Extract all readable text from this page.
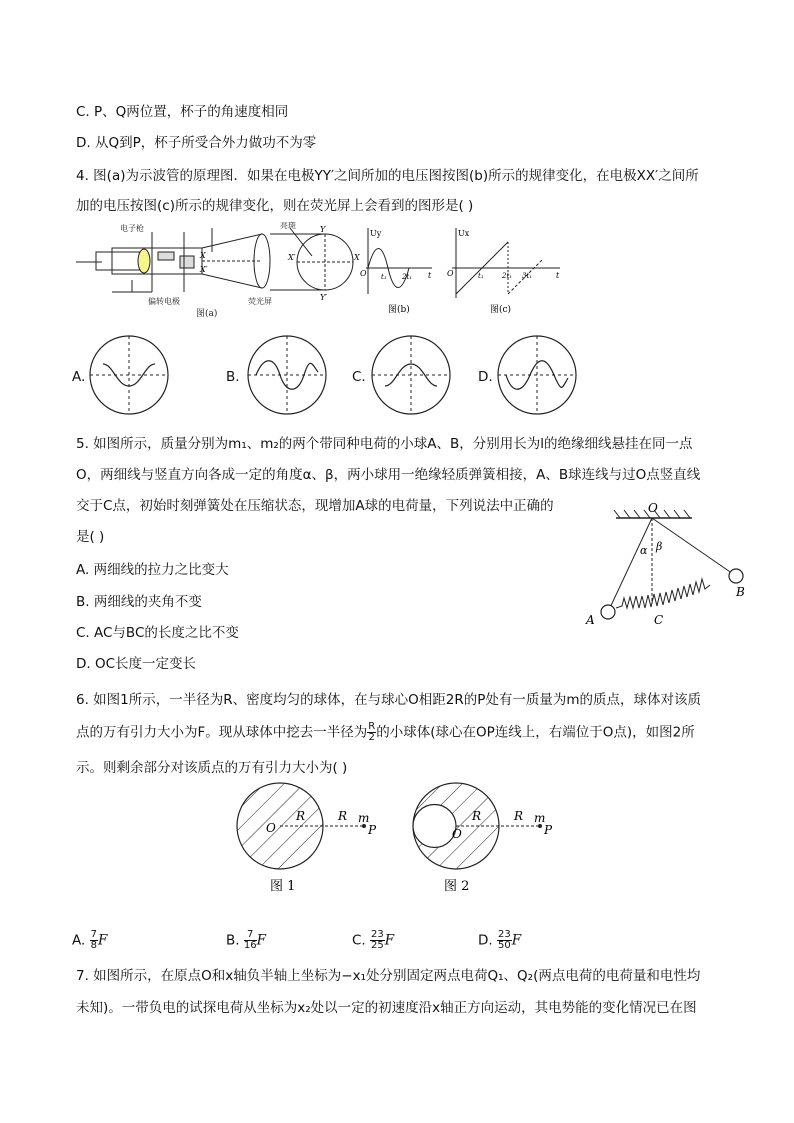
C. P、Q两位置，杯子的角速度相同
D. 从Q到P，杯子所受合外力做功不为零
4. 图(a)为示波管的原理图．如果在电极YY′之间所加的电压图按图(b)所示的规律变化，在电极XX′之间所
加的电压按图(c)所示的规律变化，则在荧光屏上会看到的图形是( )
电子枪
偏转电极	荧光屏
亮斑
图(a)
Y
Y′
X
X′
X
X′
Uy
O t₁ 2t₁ t
图(b)
Ux
O	t₁	2t₁ 3t₁	t
图(c)
A.	B.	C.	D.
5. 如图所示，质量分别为m₁、m₂的两个带同种电荷的小球A、B，分别用长为l的绝缘细线悬挂在同一点
O，两细线与竖直方向各成一定的角度α、β，两小球用一绝缘轻质弹簧相接，A、B球连线与过O点竖直线
交于C点，初始时刻弹簧处在压缩状态，现增加A球的电荷量，下列说法中正确的
是( )
A. 两细线的拉力之比变大
B. 两细线的夹角不变
C. AC与BC的长度之比不变
D. OC长度一定变长
O
A
B
C
α β
6. 如图1所示，一半径为R、密度均匀的球体，在与球心O相距2R的P处有一质量为m的质点，球体对该质
点的万有引力大小为F。现从球体中挖去一半径为 $\frac{R}{2}$ 的小球体(球心在OP连线上，右端位于O点)，如图2所
示。则剩余部分对该质点的万有引力大小为( )
O
R	R m
P
图 1
O
R	R m
P
图 2
A. $\frac{7}{8}$ F	B. $\frac{7}{16}$ F	C. $\frac{23}{25}$ F	D. $\frac{23}{50}$ F
7. 如图所示，在原点O和x轴负半轴上坐标为−x₁处分别固定两点电荷Q₁、Q₂(两点电荷的电荷量和电性均
未知)。一带负电的试探电荷从坐标为x₂处以一定的初速度沿x轴正方向运动，其电势能的变化情况已在图
